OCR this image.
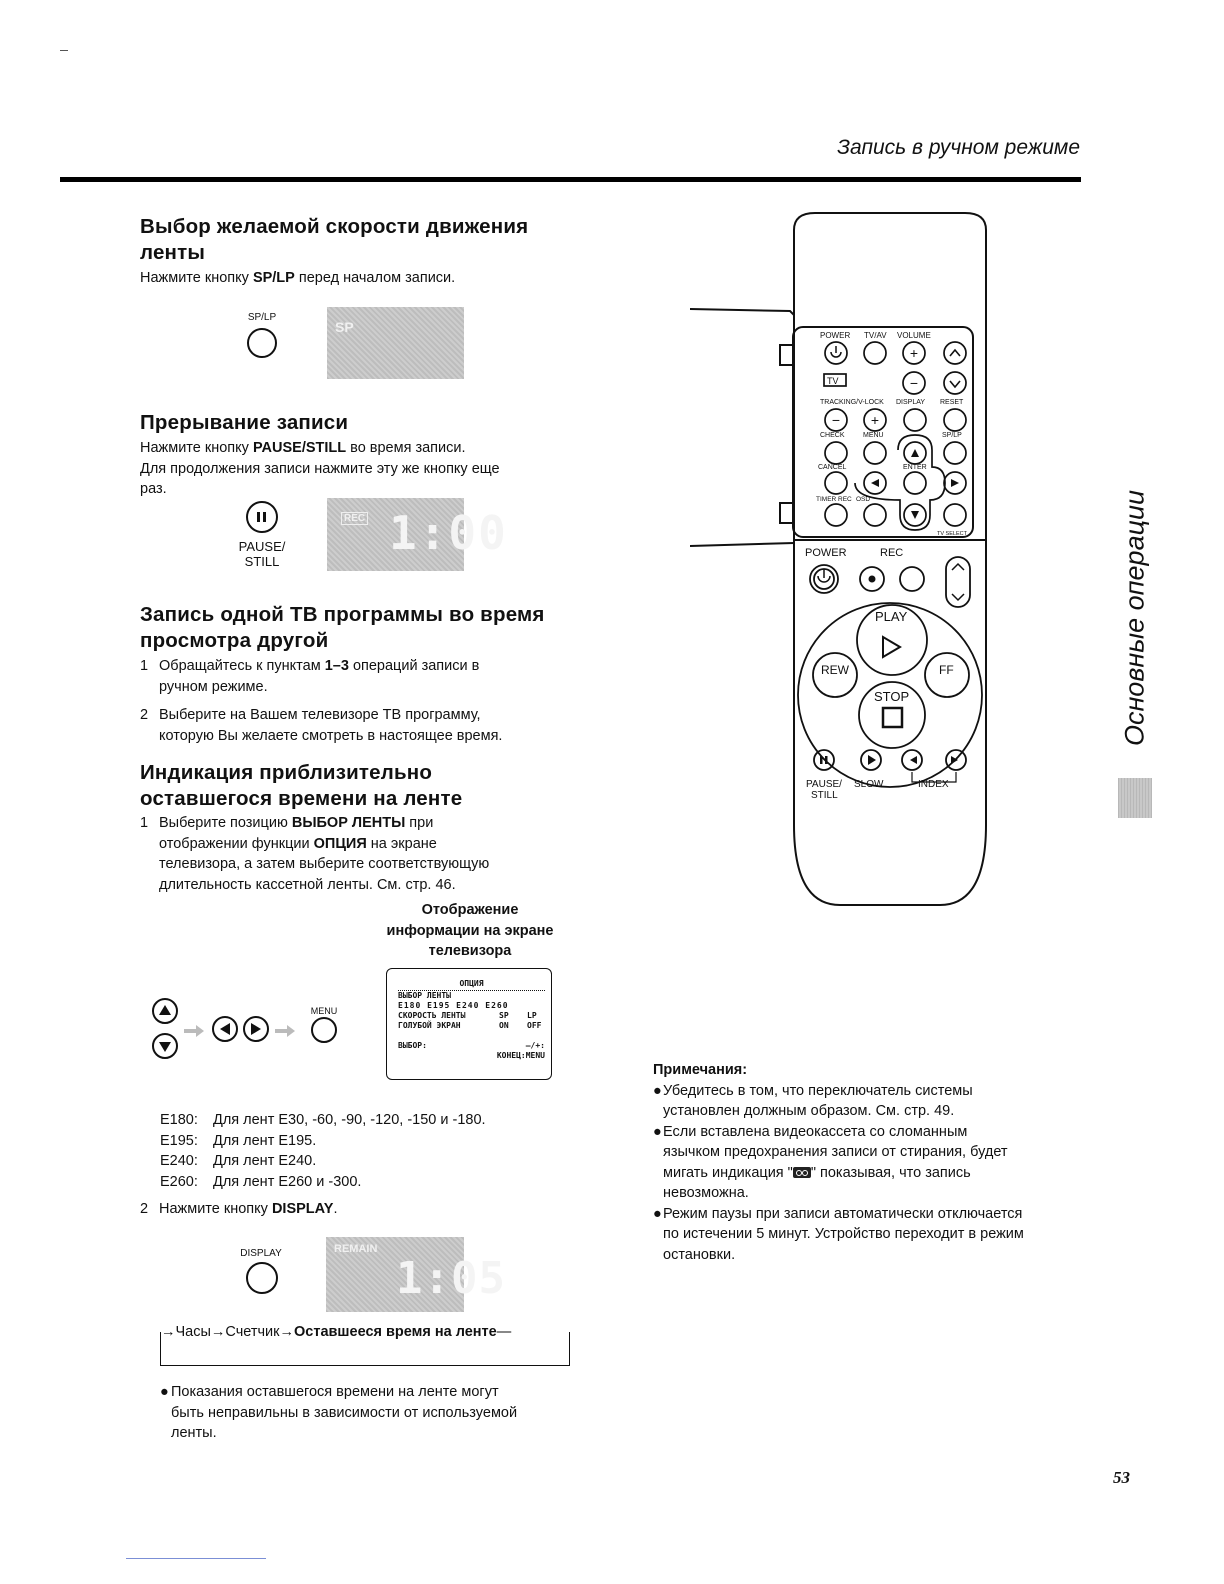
Запись в ручном режиме
Выбор желаемой скорости движения ленты
Нажмите кнопку SP/LP перед началом записи.
SP/LP
SP
Прерывание записи
Нажмите кнопку PAUSE/STILL во время записи.
Для продолжения записи нажмите эту же кнопку еще
раз.
PAUSE/
STILL
REC 1:00
Запись одной ТВ программы во время
просмотра другой
1 Обращайтесь к пунктам 1–3 операций записи в
ручном режиме.
2 Выберите на Вашем телевизоре ТВ программу,
которую Вы желаете смотреть в настоящее время.
Индикация приблизительно
оставшегося времени на ленте
1 Выберите позицию ВЫБОР ЛЕНТЫ при
отображении функции ОПЦИЯ на экране
телевизора, а затем выберите соответствующую
длительность кассетной ленты. См. стр. 46.
Отображение
информации на экране
телевизора
MENU
ОПЦИЯ
ВЫБОР ЛЕНТЫ
E180 E195 E240 E260
СКОРОСТЬ ЛЕНТЫ	SP	LP
ГОЛУБОЙ ЭКРАН	ON	OFF
ВЫБОР:	–/+:
КОНЕЦ:MENU
E180:	Для лент Е30, -60, -90, -120, -150 и -180.
E195:	Для лент Е195.
E240:	Для лент Е240.
E260:	Для лент Е260 и -300.
2 Нажмите кнопку DISPLAY.
DISPLAY	REMAIN
1:05
→Часы→Счетчик→Оставшееся время на ленте—
● Показания оставшегося времени на ленте могут
быть неправильны в зависимости от используемой
ленты.
+
−
− +
POWER TV/AV VOLUME
TV
TRACKING/V-LOCK DISPLAY RESET
CHECK	MENU	SP/LP
CANCEL	ENTER
TIMER REC OSD
TV SELECT
POWER	REC
PLAY
REW	FF
STOP
PAUSE/
STILL
SLOW	INDEX
Примечания:
● Убедитесь в том, что переключатель системы
установлен должным образом. См. стр. 49.
● Если вставлена видеокассета со сломанным
язычком предохранения записи от стирания, будет
мигать индикация " " показывая, что запись
невозможна.
● Режим паузы при записи автоматически отключается
по истечении 5 минут. Устройство переходит в режим
остановки.
Основные операции
53
